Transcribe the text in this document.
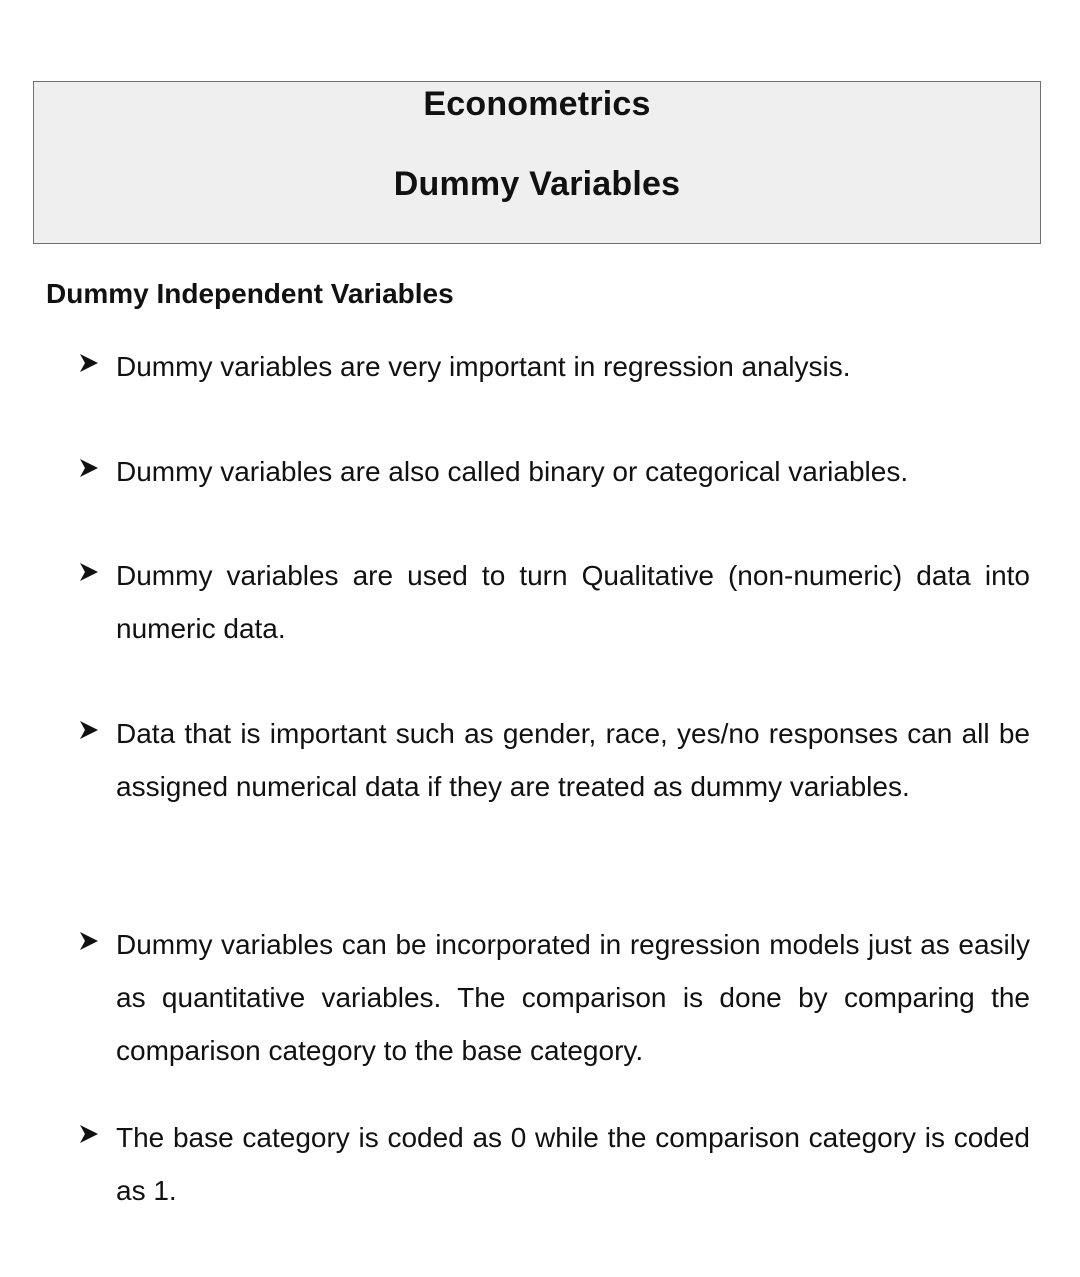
Econometrics
Dummy Variables
Dummy Independent Variables
Dummy variables are very important in regression analysis.
Dummy variables are also called binary or categorical variables.
Dummy variables are used to turn Qualitative (non-numeric) data into numeric data.
Data that is important such as gender, race, yes/no responses can all be assigned numerical data if they are treated as dummy variables.
Dummy variables can be incorporated in regression models just as easily as quantitative variables. The comparison is done by comparing the comparison category to the base category.
The base category is coded as 0 while the comparison category is coded as 1.
